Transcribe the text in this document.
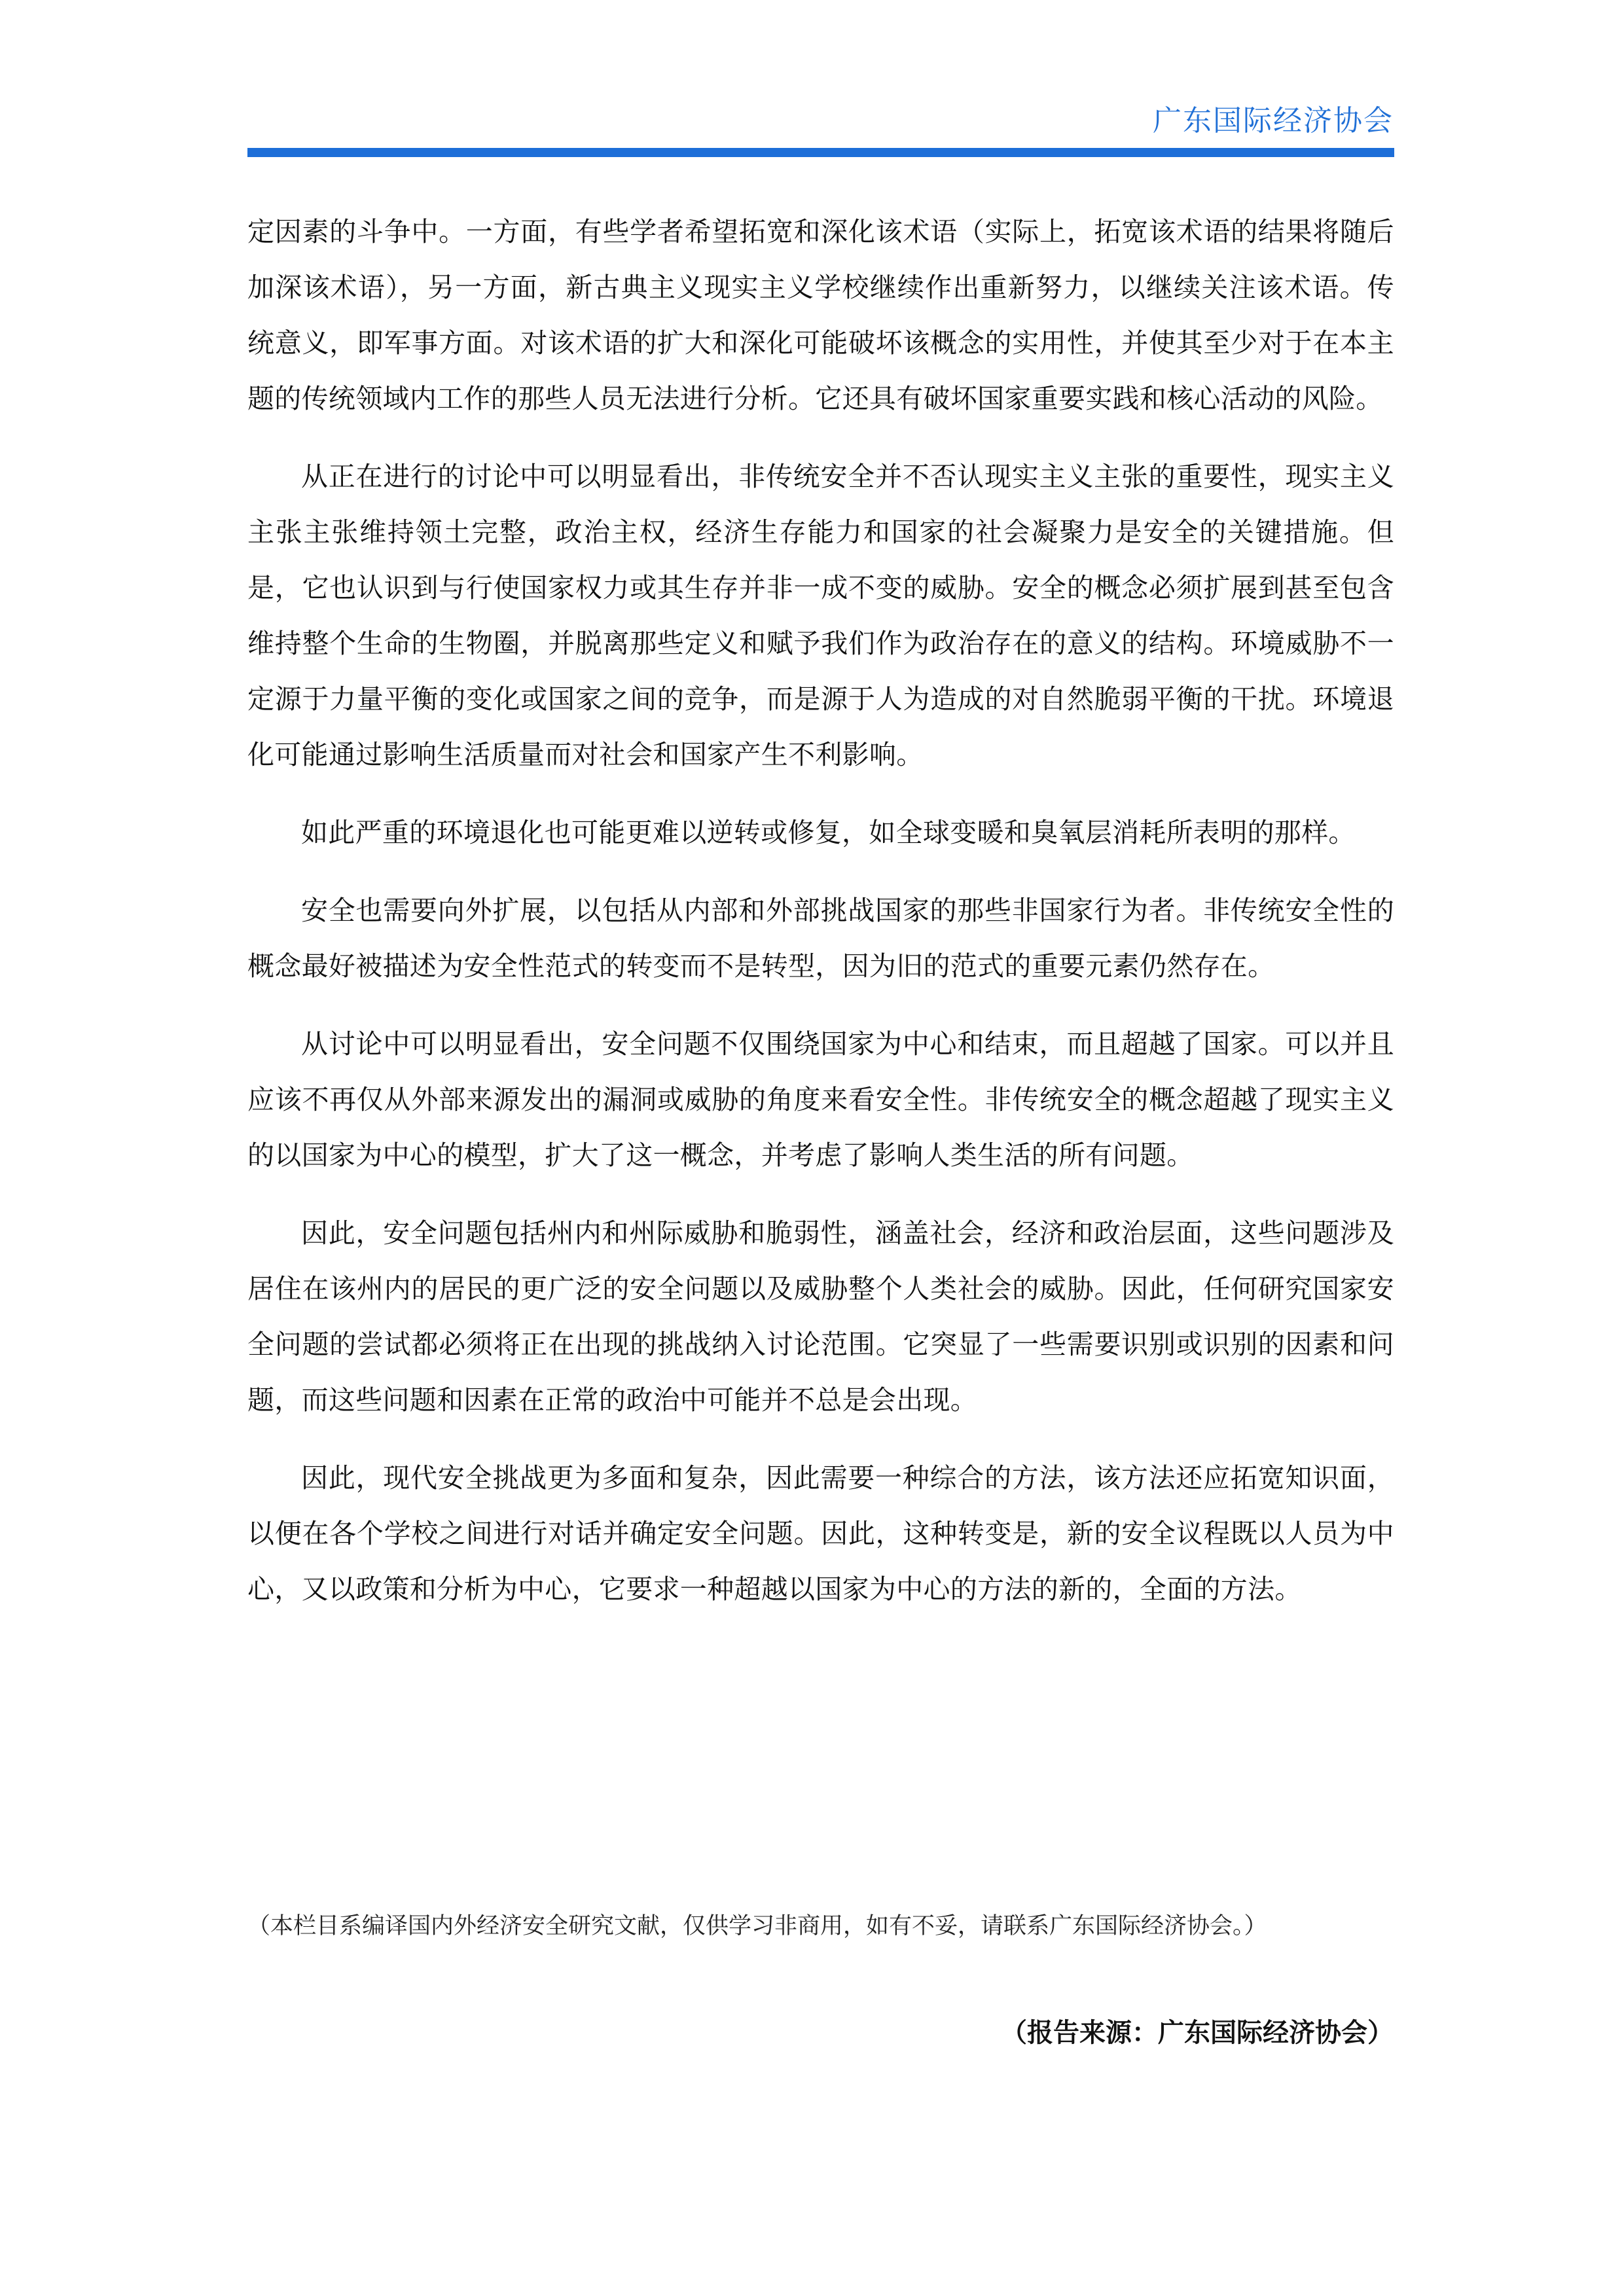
广东国际经济协会

定因素的斗争中。一方面，有些学者希望拓宽和深化该术语（实际上，拓宽该术语的结果将随后加深该术语），另一方面，新古典主义现实主义学校继续作出重新努力，以继续关注该术语。传统意义，即军事方面。对该术语的扩大和深化可能破坏该概念的实用性，并使其至少对于在本主题的传统领域内工作的那些人员无法进行分析。它还具有破坏国家重要实践和核心活动的风险。

从正在进行的讨论中可以明显看出，非传统安全并不否认现实主义主张的重要性，现实主义主张主张维持领土完整，政治主权，经济生存能力和国家的社会凝聚力是安全的关键措施。但是，它也认识到与行使国家权力或其生存并非一成不变的威胁。安全的概念必须扩展到甚至包含维持整个生命的生物圈，并脱离那些定义和赋予我们作为政治存在的意义的结构。环境威胁不一定源于力量平衡的变化或国家之间的竞争，而是源于人为造成的对自然脆弱平衡的干扰。环境退化可能通过影响生活质量而对社会和国家产生不利影响。

如此严重的环境退化也可能更难以逆转或修复，如全球变暖和臭氧层消耗所表明的那样。

安全也需要向外扩展，以包括从内部和外部挑战国家的那些非国家行为者。非传统安全性的概念最好被描述为安全性范式的转变而不是转型，因为旧的范式的重要元素仍然存在。

从讨论中可以明显看出，安全问题不仅围绕国家为中心和结束，而且超越了国家。可以并且应该不再仅从外部来源发出的漏洞或威胁的角度来看安全性。非传统安全的概念超越了现实主义的以国家为中心的模型，扩大了这一概念，并考虑了影响人类生活的所有问题。

因此，安全问题包括州内和州际威胁和脆弱性，涵盖社会，经济和政治层面，这些问题涉及居住在该州内的居民的更广泛的安全问题以及威胁整个人类社会的威胁。因此，任何研究国家安全问题的尝试都必须将正在出现的挑战纳入讨论范围。它突显了一些需要识别或识别的因素和问题，而这些问题和因素在正常的政治中可能并不总是会出现。

因此，现代安全挑战更为多面和复杂，因此需要一种综合的方法，该方法还应拓宽知识面，以便在各个学校之间进行对话并确定安全问题。因此，这种转变是，新的安全议程既以人员为中心，又以政策和分析为中心，它要求一种超越以国家为中心的方法的新的，全面的方法。

（本栏目系编译国内外经济安全研究文献，仅供学习非商用，如有不妥，请联系广东国际经济协会。）
（报告来源：广东国际经济协会）
